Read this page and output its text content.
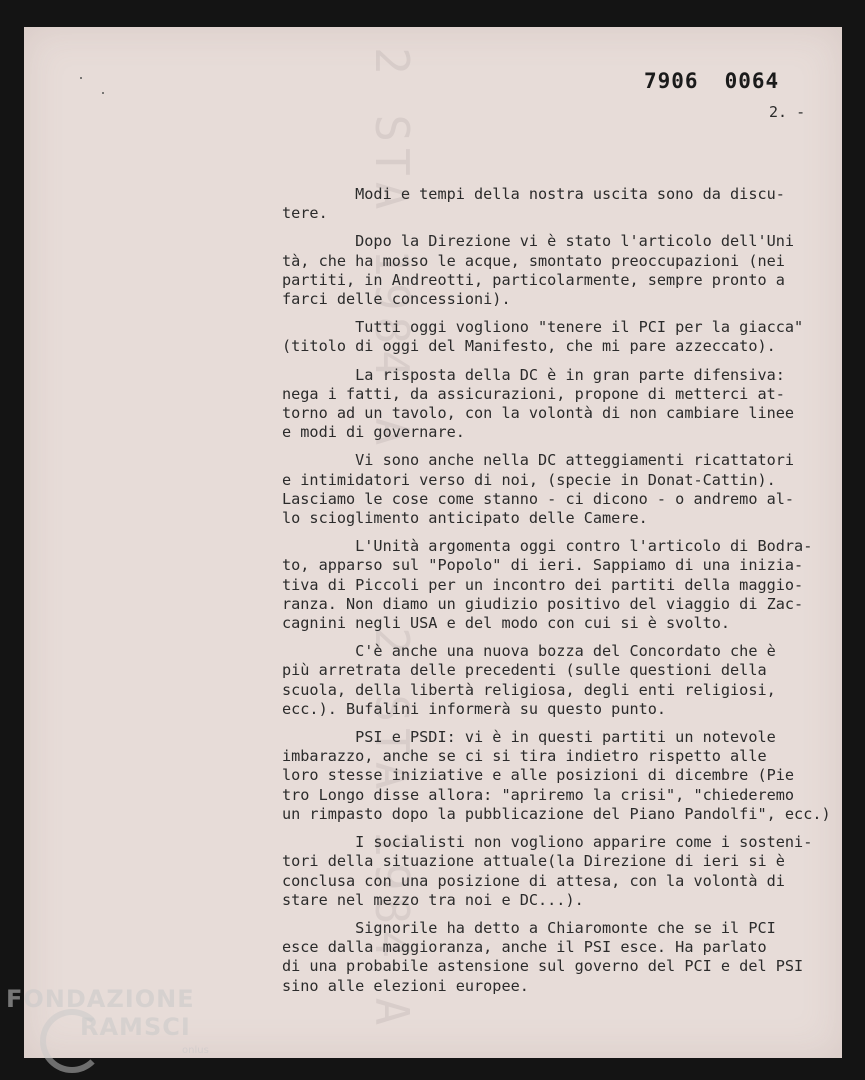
2 STA 1984 A
2 STA 1984 A
7906 0064
2. -
Modi e tempi della nostra uscita sono da discu-
tere.
Dopo la Direzione vi è stato l'articolo dell'Uni
tà, che ha mosso le acque, smontato preoccupazioni (nei
partiti, in Andreotti, particolarmente, sempre pronto a
farci delle concessioni).
Tutti oggi vogliono "tenere il PCI per la giacca"
(titolo di oggi del Manifesto, che mi pare azzeccato).
La risposta della DC è in gran parte difensiva:
nega i fatti, da assicurazioni, propone di metterci at-
torno ad un tavolo, con la volontà di non cambiare linee
e modi di governare.
Vi sono anche nella DC atteggiamenti ricattatori
e intimidatori verso di noi, (specie in Donat-Cattin).
Lasciamo le cose come stanno - ci dicono - o andremo al-
lo scioglimento anticipato delle Camere.
L'Unità argomenta oggi contro l'articolo di Bodra-
to, apparso sul "Popolo" di ieri. Sappiamo di una inizia-
tiva di Piccoli per un incontro dei partiti della maggio-
ranza. Non diamo un giudizio positivo del viaggio di Zac-
cagnini negli USA e del modo con cui si è svolto.
C'è anche una nuova bozza del Concordato che è
più arretrata delle precedenti (sulle questioni della
scuola, della libertà religiosa, degli enti religiosi,
ecc.). Bufalini informerà su questo punto.
PSI e PSDI: vi è in questi partiti un notevole
imbarazzo, anche se ci si tira indietro rispetto alle
loro stesse iniziative e alle posizioni di dicembre (Pie
tro Longo disse allora: "apriremo la crisi", "chiederemo
un rimpasto dopo la pubblicazione del Piano Pandolfi", ecc.)
I socialisti non vogliono apparire come i sosteni-
tori della situazione attuale(la Direzione di ieri si è
conclusa con una posizione di attesa, con la volontà di
stare nel mezzo tra noi e DC...).
Signorile ha detto a Chiaromonte che se il PCI
esce dalla maggioranza, anche il PSI esce. Ha parlato
di una probabile astensione sul governo del PCI e del PSI
sino alle elezioni europee.
FONDAZIONE
RAMSCI
onlus
